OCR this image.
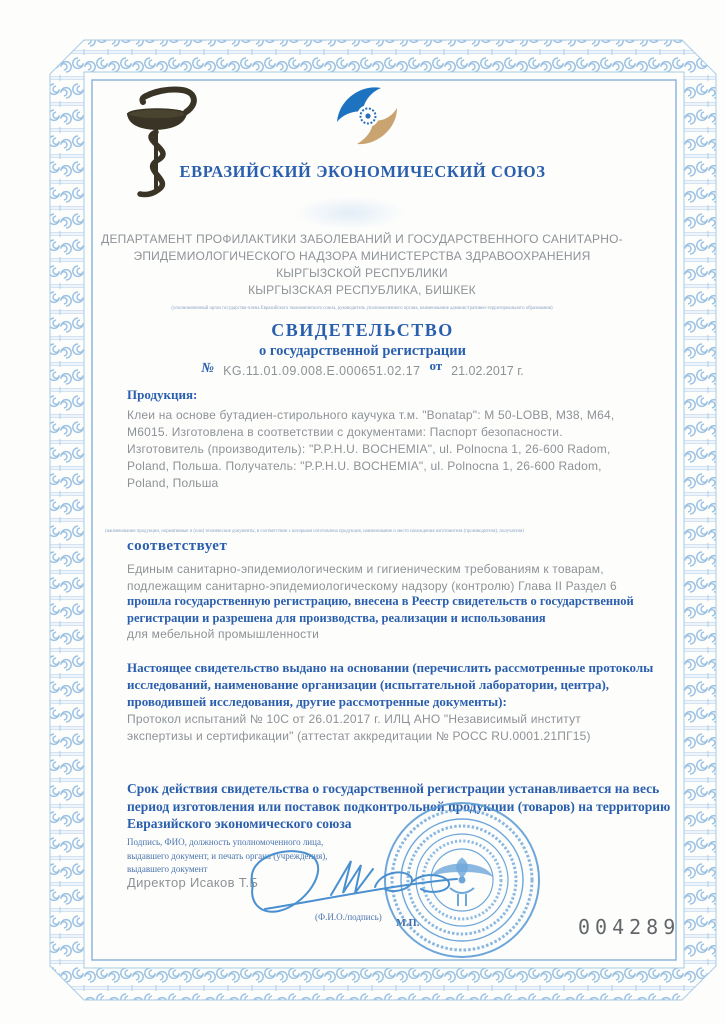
ЕВРАЗИЙСКИЙ ЭКОНОМИЧЕСКИЙ СОЮЗ
ДЕПАРТАМЕНТ ПРОФИЛАКТИКИ ЗАБОЛЕВАНИЙ И ГОСУДАРСТВЕННОГО САНИТАРНО-ЭПИДЕМИОЛОГИЧЕСКОГО НАДЗОРА МИНИСТЕРСТВА ЗДРАВООХРАНЕНИЯ КЫРГЫЗСКОЙ РЕСПУБЛИКИ
КЫРГЫЗСКАЯ РЕСПУБЛИКА, БИШКЕК
(уполномоченный орган государства-члена Евразийского экономического союза, руководитель уполномоченного органа, наименование административно-территориального образования)
СВИДЕТЕЛЬСТВО
о государственной регистрации
№ KG.11.01.09.008.E.000651.02.17 от 21.02.2017 г.
Продукция:
Клеи на основе бутадиен-стирольного каучука т.м. "Bonatap": M 50-LOBB, M38, M64, M6015. Изготовлена в соответствии с документами: Паспорт безопасности. Изготовитель (производитель): "P.P.H.U. BOCHEMIA", ul. Polnocna 1, 26-600 Radom, Poland, Польша. Получатель: "P.P.H.U. BOCHEMIA", ul. Polnocna 1, 26-600 Radom, Poland, Польша
(наименование продукции, нормативные и (или) технические документы, в соответствии с которыми изготовлена продукция, наименование и место нахождения изготовителя (производителя), получателя)
соответствует
Единым санитарно-эпидемиологическим и гигиеническим требованиям к товарам, подлежащим санитарно-эпидемиологическому надзору (контролю) Глава II Раздел 6
прошла государственную регистрацию, внесена в Реестр свидетельств о государственной регистрации и разрешена для производства, реализации и использования
для мебельной промышленности
Настоящее свидетельство выдано на основании (перечислить рассмотренные протоколы исследований, наименование организации (испытательной лаборатории, центра), проводившей исследования, другие рассмотренные документы):
Протокол испытаний № 10С от 26.01.2017 г. ИЛЦ АНО "Независимый институт экспертизы и сертификации" (аттестат аккредитации № РОСС RU.0001.21ПГ15)
Срок действия свидетельства о государственной регистрации устанавливается на весь период изготовления или поставок подконтрольной продукции (товаров) на территорию Евразийского экономического союза
Подпись, ФИО, должность уполномоченного лица,
выдавшего документ, и печать органа (учреждения),
выдавшего документ
Директор Исаков Т.Б
(Ф.И.О./подпись)
М.П.	004289
